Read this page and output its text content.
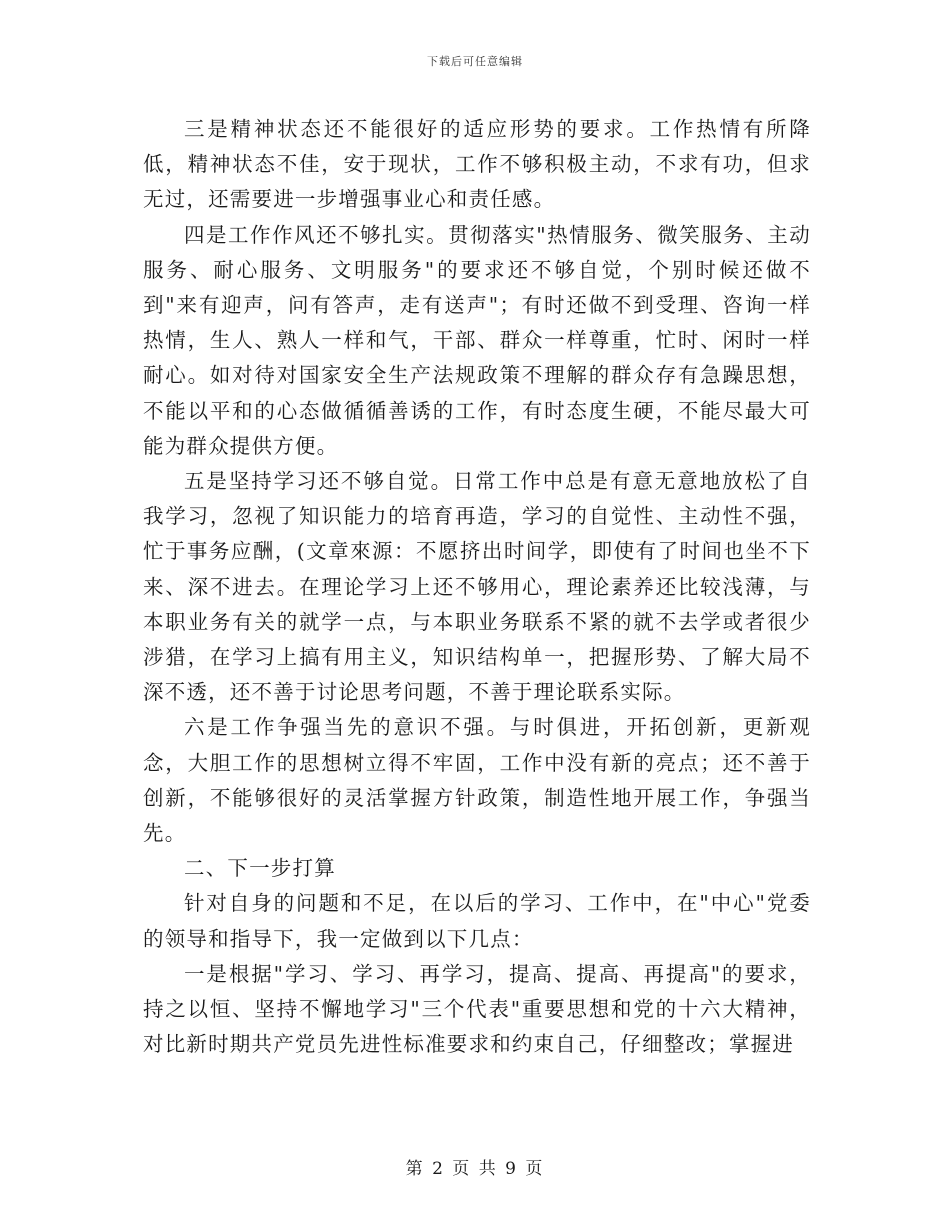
下载后可任意编辑

三是精神状态还不能很好的适应形势的要求。工作热情有所降低，精神状态不佳，安于现状，工作不够积极主动，不求有功，但求无过，还需要进一步增强事业心和责任感。

四是工作作风还不够扎实。贯彻落实"热情服务、微笑服务、主动服务、耐心服务、文明服务"的要求还不够自觉，个别时候还做不到"来有迎声，问有答声，走有送声"；有时还做不到受理、咨询一样热情，生人、熟人一样和气，干部、群众一样尊重，忙时、闲时一样耐心。如对待对国家安全生产法规政策不理解的群众存有急躁思想，不能以平和的心态做循循善诱的工作，有时态度生硬，不能尽最大可能为群众提供方便。

五是坚持学习还不够自觉。日常工作中总是有意无意地放松了自我学习，忽视了知识能力的培育再造，学习的自觉性、主动性不强，忙于事务应酬，(文章來源：不愿挤出时间学，即使有了时间也坐不下来、深不进去。在理论学习上还不够用心，理论素养还比较浅薄，与本职业务有关的就学一点，与本职业务联系不紧的就不去学或者很少涉猎，在学习上搞有用主义，知识结构单一，把握形势、了解大局不深不透，还不善于讨论思考问题，不善于理论联系实际。

六是工作争强当先的意识不强。与时俱进，开拓创新，更新观念，大胆工作的思想树立得不牢固，工作中没有新的亮点；还不善于创新，不能够很好的灵活掌握方针政策，制造性地开展工作，争强当先。

二、下一步打算

针对自身的问题和不足，在以后的学习、工作中，在"中心"党委的领导和指导下，我一定做到以下几点：

一是根据"学习、学习、再学习，提高、提高、再提高"的要求，持之以恒、坚持不懈地学习"三个代表"重要思想和党的十六大精神，对比新时期共产党员先进性标准要求和约束自己，仔细整改；掌握进

第 2 页 共 9 页
